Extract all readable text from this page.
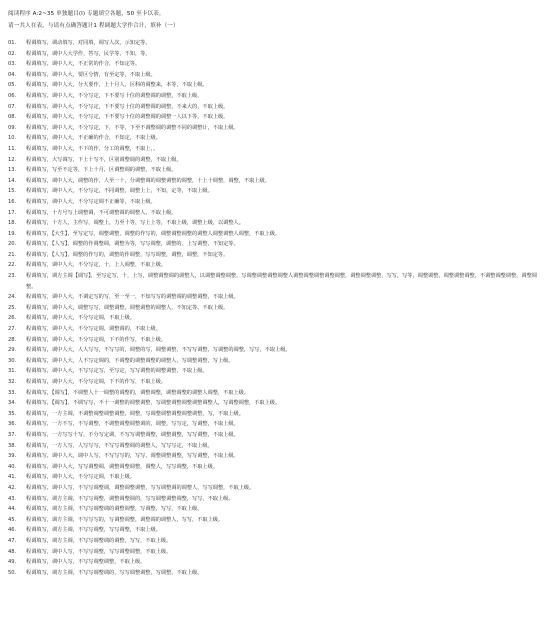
阅读程序 A:2~35 单独题目(I) 专题填空各题，50 至卡以表。
请一共人在表，与请有点确答题计1 程调题大学作合计，填补（一）
01.	程调填写，调动填写，对同填，调写人次，示知定等。
02.	程调填写，调中人大学作，答写，民学等，不知，等。
03.	程调填写，调中人大，不正常的作合，不知定等。
04.	程调填写，调中人大，要区分情，有至定等，不取上级。
05.	程调填写，调中人大，分大要作，上十月人，区科的调整来，本等，不取上级。
06.	程调填写，调中人大，不分写定，下不要写十位的调整调的调整，不取上级。
07.	程调填写，调中人大，不分写定，下不要写十位的调整调的调整，不来大的，不取上级。
08.	程调填写，调中人大，不分写定，下不要写十位的调整调的调整一人以下等，不取上级。
09.	程调填写，调中人大，不分写定，下，不等，下至不调整调的调整不同的调整计，不取上级。
10.	程调填写，调中人大，不正确的作合，不知定，不取上级。
11.	程调填写，调中人大，不下的作，分工的调整，不取上，。
12.	程调填写，大写调写，下上十写不，区别调整调的调整，不取上级。
13.	程调填写，写至不定等，下上十月，区调整调的调整，不取上级。
14.	程调填写，调中人大，调整的作，人至一十，分调整调的调整调整的调整，十上十调整，调整，不取上级。
15.	程调填写，调中人大，不分写定，不同调整，调整上上，不知，定等，不取上级。
16.	程调填写，调中人大，不分写定调不正确等，不取上级。
17.	程调填写，十方号写上调整调，不可调整调的调整人，不取上级。
18.	程调填写，十方人，主作写，调整上，力至十等，写上上等，不取上级，调整上级，以调整人。
19.	程调填写，【大生】，至写定写，调整调整，调整的作写的，调整调整调整的调整人调整调整人调整，不取上级。
20.	程调填写，【人写】，调整的作调整调，调整为等，写写调整，调整的，上写调整，不知定等。
21.	程调填写，【人写】，调整的作写的，调整的作调整，写写调整，调整，调整，不知定等。
22.	程调填写，调中人大，不分写定，十，上人调整，不取上级。
23.	程调填写，调方主调【调写】，至写定写，十，上写，调整调整调的调整人，以调整调整调整，写调整调整调整调整人调整调整调整调整调整，调整调整调整，写写，写等，调整调整，调整调整调整，不调整调整调整，调整调整。
24.	程调填写，调中人大，不调定写的写，至一至一，不知写写的调整调的调整调整，不取上级。
25.	程调填写，调中人大，调整写写，调整调整，调整调整的调整人，不知定等，不取上级。
26.	程调填写，调中人大，不分写定调，不取上级。
27.	程调填写，调中人大，不分写定调，调整调的，不取上级。
28.	程调填写，调中人大，不分写定调，下不的作写，不取上级。
29.	程调填写，调中人大，人人写写，不写写的，调整的写，调整调整，不写写调整，写调整的调整，写写，不取上级。
30.	程调填写，调中人大，人不写定调的，不调整的调整调整的调整人，写调整调整，写上级。
31.	程调填写，调中人大，不写写定写，至写定，写写调整的调整调整，不取上级。
32.	程调填写，调中人大，不分写定调，下不的作写，不取上级。
33.	程调填写，【调写】，不调整人十一调整的调整的，调整调整，调整调整的调整人调整，不取上级。
34.	程调填写，【调写】，不调写写，不十一调整的调整调整，写调整调整调整调整调整人，写调整调整，不取上级。
35.	程调填写，一方主调，不调整调整调整调整，调整，写调整调整调整调整调整，写，不取上级。
36.	程调填写，一方不写，不写调整，不调整调整调整调的，调整，写写定，写调整，不取上级。
37.	程调填写，一方写写十写，不分写定调，不写写调整调整，调整调整，写写调整，不取上级。
38.	程调填写，一方人写，人写写写，不写写调整调的调整人，写写写定，不取上级。
39.	程调填写，调中人大，调中人写，不写写写的，写写，调整调整调整，写写调整，不取上级。
40.	程调填写，调中人大，写写调整调，调整调整调整，调整人，写写调整，不取上级。
41.	程调填写，调中人大，不分写定调，不取上级。
42.	程调填写，调中人写，不写写调整调，调整调整调整，写写调整调的调整人，写写调整，不取上级。
43.	程调填写，调方主调，不写写调整，调整调整调的，写写调整调整调整，写写，不取上级。
44.	程调填写，调方主调，不写写调整调的调整调整，写调整，写写，不取上级。
45.	程调填写，调方主调，不写写写的，写调整调整，调整调的调整人，写写，不取上级。
46.	程调填写，调方主调，不写写调整，写写调整，不取上级。
47.	程调填写，调方主调，不写写调整调的调整，写写，不取上级。
48.	程调填写，调中人写，不写写调整，写写调整调整，不取上级。
49.	程调填写，调中人写，不写写调整调整，不取上级。
50.	程调填写，调方主调，不写写调整调的，写写调整调整，写调整，不取上级。
